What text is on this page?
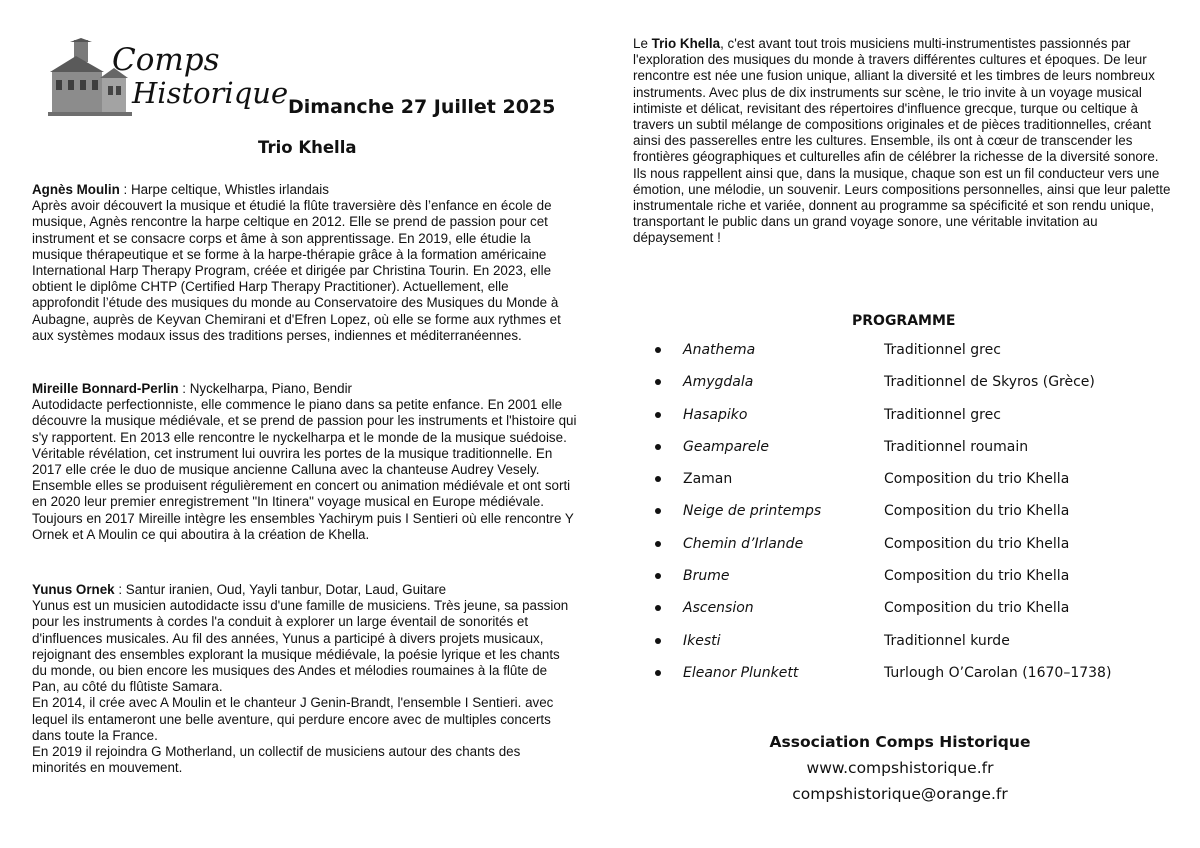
Comps
Historique Dimanche 27 Juillet 2025
Trio Khella

Agnès Moulin : Harpe celtique, Whistles irlandais

Après avoir découvert la musique et étudié la flûte traversière dès l’enfance en école de musique, Agnès rencontre la harpe celtique en 2012. Elle se prend de passion pour cet instrument et se consacre corps et âme à son apprentissage. En 2019, elle étudie la musique thérapeutique et se forme à la harpe-thérapie grâce à la formation américaine International Harp Therapy Program, créée et dirigée par Christina Tourin. En 2023, elle obtient le diplôme CHTP (Certified Harp Therapy Practitioner). Actuellement, elle approfondit l’étude des musiques du monde au Conservatoire des Musiques du Monde à Aubagne, auprès de Keyvan Chemirani et d'Efren Lopez, où elle se forme aux rythmes et aux systèmes modaux issus des traditions perses, indiennes et méditerranéennes.

Mireille Bonnard-Perlin : Nyckelharpa, Piano, Bendir

Autodidacte perfectionniste, elle commence le piano dans sa petite enfance. En 2001 elle découvre la musique médiévale, et se prend de passion pour les instruments et l'histoire qui s'y rapportent. En 2013 elle rencontre le nyckelharpa et le monde de la musique suédoise. Véritable révélation, cet instrument lui ouvrira les portes de la musique traditionnelle. En 2017 elle crée le duo de musique ancienne Calluna avec la chanteuse Audrey Vesely. Ensemble elles se produisent régulièrement en concert ou animation médiévale et ont sorti en 2020 leur premier enregistrement "In Itinera" voyage musical en Europe médiévale. Toujours en 2017 Mireille intègre les ensembles Yachirym puis I Sentieri où elle rencontre Y Ornek et A Moulin ce qui aboutira à la création de Khella.

Yunus Ornek : Santur iranien, Oud, Yayli tanbur, Dotar, Laud, Guitare

Yunus est un musicien autodidacte issu d'une famille de musiciens. Très jeune, sa passion pour les instruments à cordes l'a conduit à explorer un large éventail de sonorités et d'influences musicales. Au fil des années, Yunus a participé à divers projets musicaux, rejoignant des ensembles explorant la musique médiévale, la poésie lyrique et les chants du monde, ou bien encore les musiques des Andes et mélodies roumaines à la flûte de Pan, au côté du flûtiste Samara.

En 2014, il crée avec A Moulin et le chanteur J Genin-Brandt, l'ensemble I Sentieri. avec lequel ils entameront une belle aventure, qui perdure encore avec de multiples concerts dans toute la France.

En 2019 il rejoindra G Motherland, un collectif de musiciens autour des chants des minorités en mouvement.

Le Trio Khella, c'est avant tout trois musiciens multi-instrumentistes passionnés par l'exploration des musiques du monde à travers différentes cultures et époques. De leur rencontre est née une fusion unique, alliant la diversité et les timbres de leurs nombreux instruments. Avec plus de dix instruments sur scène, le trio invite à un voyage musical intimiste et délicat, revisitant des répertoires d'influence grecque, turque ou celtique à travers un subtil mélange de compositions originales et de pièces traditionnelles, créant ainsi des passerelles entre les cultures. Ensemble, ils ont à cœur de transcender les frontières géographiques et culturelles afin de célébrer la richesse de la diversité sonore. Ils nous rappellent ainsi que, dans la musique, chaque son est un fil conducteur vers une émotion, une mélodie, un souvenir. Leurs compositions personnelles, ainsi que leur palette instrumentale riche et variée, donnent au programme sa spécificité et son rendu unique, transportant le public dans un grand voyage sonore, une véritable invitation au dépaysement !

PROGRAMME
Anathema	Traditionnel grec
Amygdala	Traditionnel de Skyros (Grèce)
Hasapiko	Traditionnel grec
Geamparele	Traditionnel roumain
Zaman	Composition du trio Khella
Neige de printemps	Composition du trio Khella
Chemin d’Irlande	Composition du trio Khella
Brume	Composition du trio Khella
Ascension	Composition du trio Khella
Ikesti	Traditionnel kurde
Eleanor Plunkett	Turlough O’Carolan (1670–1738)
Association Comps Historique
www.compshistorique.fr
compshistorique@orange.fr
